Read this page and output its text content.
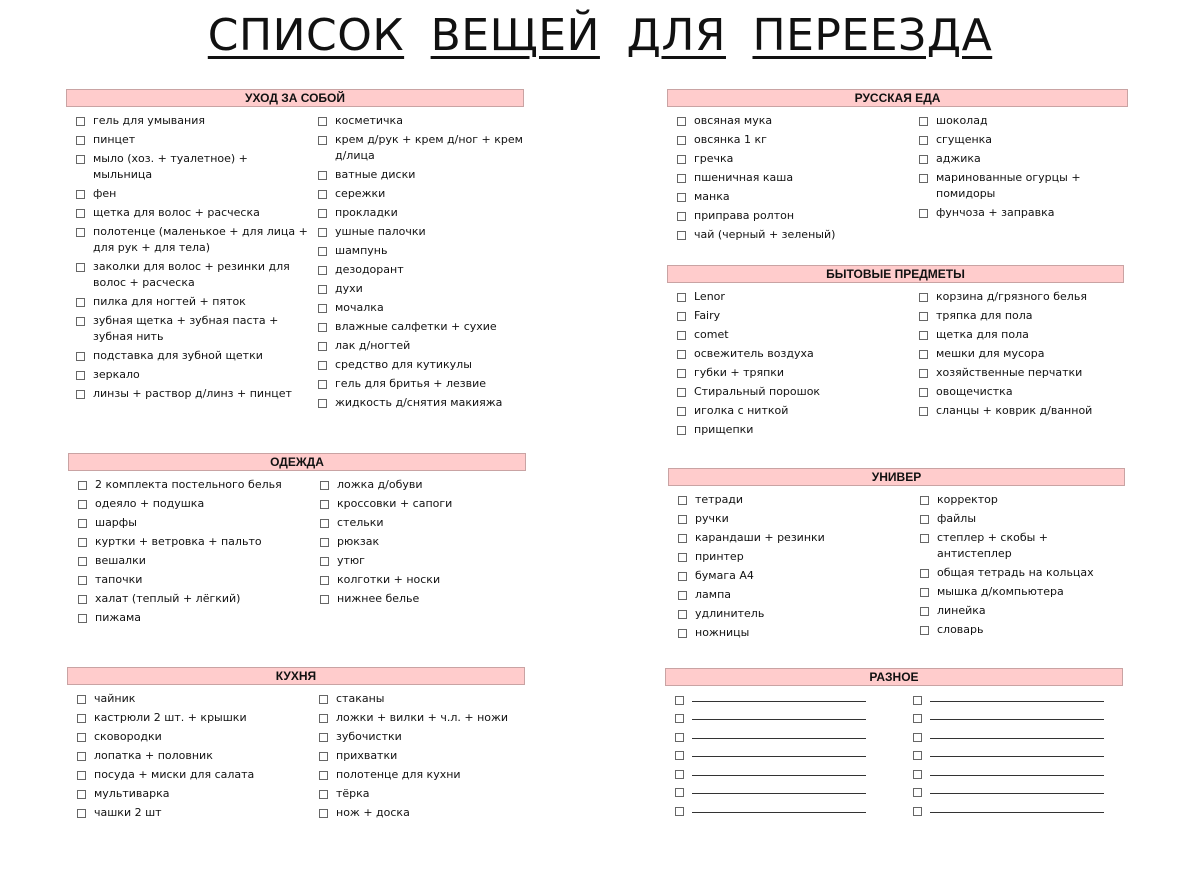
СПИСОК ВЕЩЕЙ ДЛЯ ПЕРЕЕЗДА
УХОД ЗА СОБОЙ
гель для умывания
пинцет
мыло (хоз. + туалетное) + мыльница
фен
щетка для волос + расческа
полотенце (маленькое + для лица + для рук + для тела)
заколки для волос + резинки для волос + расческа
пилка для ногтей + пяток
зубная щетка + зубная паста + зубная нить
подставка для зубной щетки
зеркало
линзы + раствор д/линз + пинцет
косметичка
крем д/рук + крем д/ног + крем д/лица
ватные диски
сережки
прокладки
ушные палочки
шампунь
дезодорант
духи
мочалка
влажные салфетки + сухие
лак д/ногтей
средство для кутикулы
гель для бритья + лезвие
жидкость д/снятия макияжа
РУССКАЯ ЕДА
овсяная мука
овсянка 1 кг
гречка
пшеничная каша
манка
приправа ролтон
чай (черный + зеленый)
шоколад
сгущенка
аджика
маринованные огурцы + помидоры
фунчоза + заправка
БЫТОВЫЕ ПРЕДМЕТЫ
Lenor
Fairy
comet
освежитель воздуха
губки + тряпки
Стиральный порошок
иголка с ниткой
прищепки
корзина д/грязного белья
тряпка для пола
щетка для пола
мешки для мусора
хозяйственные перчатки
овощечистка
сланцы + коврик д/ванной
ОДЕЖДА
2 комплекта постельного белья
одеяло + подушка
шарфы
куртки + ветровка + пальто
вешалки
тапочки
халат (теплый + лёгкий)
пижама
ложка д/обуви
кроссовки + сапоги
стельки
рюкзак
утюг
колготки + носки
нижнее белье
УНИВЕР
тетради
ручки
карандаши + резинки
принтер
бумага А4
лампа
удлинитель
ножницы
корректор
файлы
степлер + скобы + антистеплер
общая тетрадь на кольцах
мышка д/компьютера
линейка
словарь
КУХНЯ
чайник
кастрюли 2 шт. + крышки
сковородки
лопатка + половник
посуда + миски для салата
мультиварка
чашки 2 шт
стаканы
ложки + вилки + ч.л. + ножи
зубочистки
прихватки
полотенце для кухни
тёрка
нож + доска
РАЗНОЕ
